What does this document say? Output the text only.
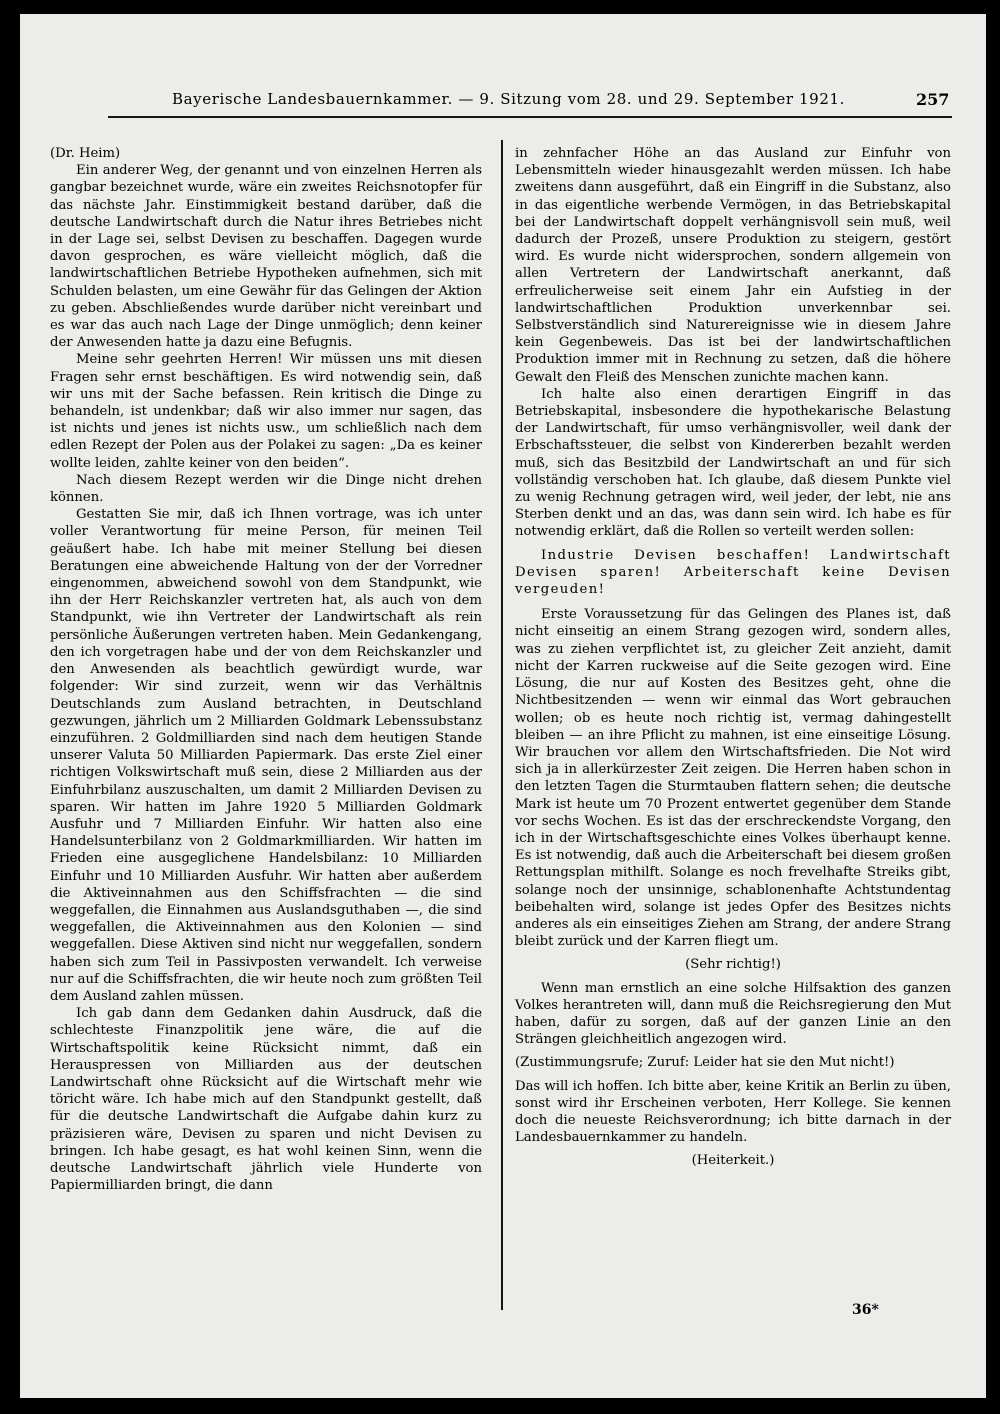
Bayerische Landesbauernkammer. — 9. Sitzung vom 28. und 29. September 1921.	257

(Dr. Heim)

Ein anderer Weg, der genannt und von einzelnen Herren als gangbar bezeichnet wurde, wäre ein zweites Reichsnotopfer für das nächste Jahr. Einstimmigkeit bestand darüber, daß die deutsche Landwirtschaft durch die Natur ihres Betriebes nicht in der Lage sei, selbst Devisen zu beschaffen. Dagegen wurde davon gesprochen, es wäre vielleicht möglich, daß die landwirtschaftlichen Betriebe Hypotheken aufnehmen, sich mit Schulden belasten, um eine Gewähr für das Gelingen der Aktion zu geben. Abschließendes wurde darüber nicht vereinbart und es war das auch nach Lage der Dinge unmöglich; denn keiner der Anwesenden hatte ja dazu eine Befugnis.

Meine sehr geehrten Herren! Wir müssen uns mit diesen Fragen sehr ernst beschäftigen. Es wird notwendig sein, daß wir uns mit der Sache befassen. Rein kritisch die Dinge zu behandeln, ist undenkbar; daß wir also immer nur sagen, das ist nichts und jenes ist nichts usw., um schließlich nach dem edlen Rezept der Polen aus der Polakei zu sagen: „Da es keiner wollte leiden, zahlte keiner von den beiden“.

Nach diesem Rezept werden wir die Dinge nicht drehen können.

Gestatten Sie mir, daß ich Ihnen vortrage, was ich unter voller Verantwortung für meine Person, für meinen Teil geäußert habe. Ich habe mit meiner Stellung bei diesen Beratungen eine abweichende Haltung von der der Vorredner eingenommen, abweichend sowohl von dem Standpunkt, wie ihn der Herr Reichskanzler vertreten hat, als auch von dem Standpunkt, wie ihn Vertreter der Landwirtschaft als rein persönliche Äußerungen vertreten haben. Mein Gedankengang, den ich vorgetragen habe und der von dem Reichskanzler und den Anwesenden als beachtlich gewürdigt wurde, war folgender: Wir sind zurzeit, wenn wir das Verhältnis Deutschlands zum Ausland betrachten, in Deutschland gezwungen, jährlich um 2 Milliarden Goldmark Lebenssubstanz einzuführen. 2 Goldmilliarden sind nach dem heutigen Stande unserer Valuta 50 Milliarden Papiermark. Das erste Ziel einer richtigen Volkswirtschaft muß sein, diese 2 Milliarden aus der Einfuhrbilanz auszuschalten, um damit 2 Milliarden Devisen zu sparen. Wir hatten im Jahre 1920 5 Milliarden Goldmark Ausfuhr und 7 Milliarden Einfuhr. Wir hatten also eine Handelsunterbilanz von 2 Goldmarkmilliarden. Wir hatten im Frieden eine ausgeglichene Handelsbilanz: 10 Milliarden Einfuhr und 10 Milliarden Ausfuhr. Wir hatten aber außerdem die Aktiveinnahmen aus den Schiffsfrachten — die sind weggefallen, die Einnahmen aus Auslandsguthaben —, die sind weggefallen, die Aktiveinnahmen aus den Kolonien — sind weggefallen. Diese Aktiven sind nicht nur weggefallen, sondern haben sich zum Teil in Passivposten verwandelt. Ich verweise nur auf die Schiffsfrachten, die wir heute noch zum größten Teil dem Ausland zahlen müssen.

Ich gab dann dem Gedanken dahin Ausdruck, daß die schlechteste Finanzpolitik jene wäre, die auf die Wirtschaftspolitik keine Rücksicht nimmt, daß ein Herauspressen von Milliarden aus der deutschen Landwirtschaft ohne Rücksicht auf die Wirtschaft mehr wie töricht wäre. Ich habe mich auf den Standpunkt gestellt, daß für die deutsche Landwirtschaft die Aufgabe dahin kurz zu präzisieren wäre, Devisen zu sparen und nicht Devisen zu bringen. Ich habe gesagt, es hat wohl keinen Sinn, wenn die deutsche Landwirtschaft jährlich viele Hunderte von Papiermilliarden bringt, die dann

in zehnfacher Höhe an das Ausland zur Einfuhr von Lebensmitteln wieder hinausgezahlt werden müssen. Ich habe zweitens dann ausgeführt, daß ein Eingriff in die Substanz, also in das eigentliche werbende Vermögen, in das Betriebskapital bei der Landwirtschaft doppelt verhängnisvoll sein muß, weil dadurch der Prozeß, unsere Produktion zu steigern, gestört wird. Es wurde nicht widersprochen, sondern allgemein von allen Vertretern der Landwirtschaft anerkannt, daß erfreulicherweise seit einem Jahr ein Aufstieg in der landwirtschaftlichen Produktion unverkennbar sei. Selbstverständlich sind Naturereignisse wie in diesem Jahre kein Gegenbeweis. Das ist bei der landwirtschaftlichen Produktion immer mit in Rechnung zu setzen, daß die höhere Gewalt den Fleiß des Menschen zunichte machen kann.

Ich halte also einen derartigen Eingriff in das Betriebskapital, insbesondere die hypothekarische Belastung der Landwirtschaft, für umso verhängnisvoller, weil dank der Erbschaftssteuer, die selbst von Kindererben bezahlt werden muß, sich das Besitzbild der Landwirtschaft an und für sich vollständig verschoben hat. Ich glaube, daß diesem Punkte viel zu wenig Rechnung getragen wird, weil jeder, der lebt, nie ans Sterben denkt und an das, was dann sein wird. Ich habe es für notwendig erklärt, daß die Rollen so verteilt werden sollen:

Industrie Devisen beschaffen! Landwirtschaft Devisen sparen! Arbeiterschaft keine Devisen vergeuden!

Erste Voraussetzung für das Gelingen des Planes ist, daß nicht einseitig an einem Strang gezogen wird, sondern alles, was zu ziehen verpflichtet ist, zu gleicher Zeit anzieht, damit nicht der Karren ruckweise auf die Seite gezogen wird. Eine Lösung, die nur auf Kosten des Besitzes geht, ohne die Nichtbesitzenden — wenn wir einmal das Wort gebrauchen wollen; ob es heute noch richtig ist, vermag dahingestellt bleiben — an ihre Pflicht zu mahnen, ist eine einseitige Lösung. Wir brauchen vor allem den Wirtschaftsfrieden. Die Not wird sich ja in allerkürzester Zeit zeigen. Die Herren haben schon in den letzten Tagen die Sturmtauben flattern sehen; die deutsche Mark ist heute um 70 Prozent entwertet gegenüber dem Stande vor sechs Wochen. Es ist das der erschreckendste Vorgang, den ich in der Wirtschaftsgeschichte eines Volkes überhaupt kenne. Es ist notwendig, daß auch die Arbeiterschaft bei diesem großen Rettungsplan mithilft. Solange es noch frevelhafte Streiks gibt, solange noch der unsinnige, schablonenhafte Achtstundentag beibehalten wird, solange ist jedes Opfer des Besitzes nichts anderes als ein einseitiges Ziehen am Strang, der andere Strang bleibt zurück und der Karren fliegt um.

(Sehr richtig!)

Wenn man ernstlich an eine solche Hilfsaktion des ganzen Volkes herantreten will, dann muß die Reichsregierung den Mut haben, dafür zu sorgen, daß auf der ganzen Linie an den Strängen gleichheitlich angezogen wird.

(Zustimmungsrufe; Zuruf: Leider hat sie den Mut nicht!)

Das will ich hoffen. Ich bitte aber, keine Kritik an Berlin zu üben, sonst wird ihr Erscheinen verboten, Herr Kollege. Sie kennen doch die neueste Reichsverordnung; ich bitte darnach in der Landesbauernkammer zu handeln.

(Heiterkeit.)

36*
